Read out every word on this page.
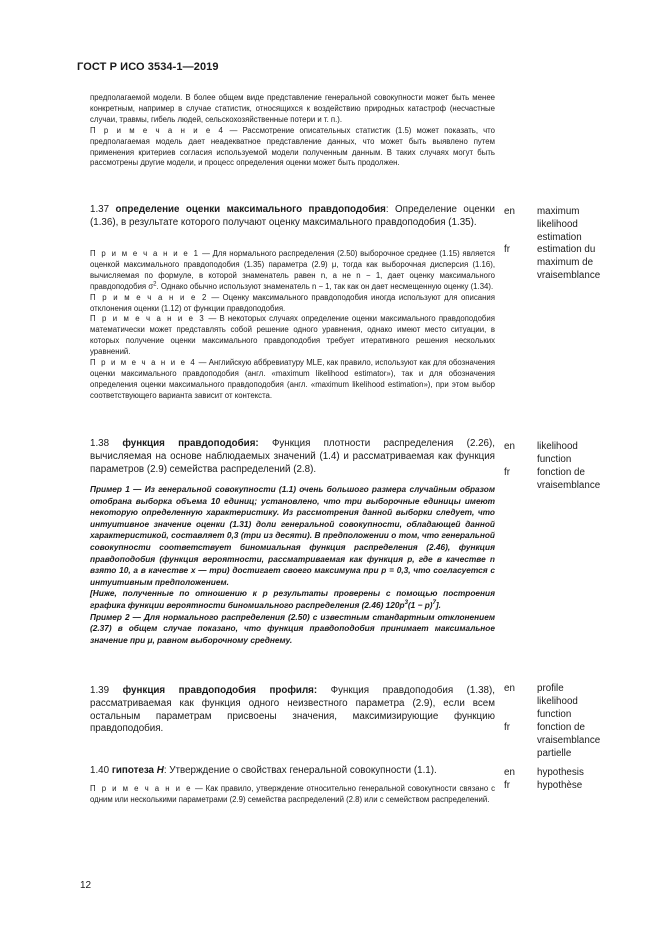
ГОСТ Р ИСО 3534-1—2019

предполагаемой модели. В более общем виде представление генеральной совокупности может быть менее конкретным, например в случае статистик, относящихся к воздействию природных катастроф (несчастные случаи, травмы, гибель людей, сельскохозяйственные потери и т. п.).

П р и м е ч а н и е 4 — Рассмотрение описательных статистик (1.5) может показать, что предполагаемая модель дает неадекватное представление данных, что может быть выявлено путем применения критериев согласия используемой модели полученным данным. В таких случаях могут быть рассмотрены другие модели, и процесс определения оценки может быть продолжен.

1.37 определение оценки максимального правдоподобия: Определение оценки (1.36), в результате которого получают оценку максимального правдоподобия (1.35).

П р и м е ч а н и е 1 — Для нормального распределения (2.50) выборочное среднее (1.15) является оценкой максимального правдоподобия (1.35) параметра (2.9) μ, тогда как выборочная дисперсия (1.16), вычисляемая по формуле, в которой знаменатель равен n, а не n − 1, дает оценку максимального правдоподобия $\sigma^2$. Однако обычно используют знаменатель n − 1, так как он дает несмещенную оценку (1.34).

П р и м е ч а н и е 2 — Оценку максимального правдоподобия иногда используют для описания отклонения оценки (1.12) от функции правдоподобия.

П р и м е ч а н и е 3 — В некоторых случаях определение оценки максимального правдоподобия математически может представлять собой решение одного уравнения, однако имеют место ситуации, в которых получение оценки максимального правдоподобия требует итеративного решения нескольких уравнений.

П р и м е ч а н и е 4 — Английскую аббревиатуру MLE, как правило, используют как для обозначения оценки максимального правдоподобия (англ. «maximum likelihood estimator»), так и для обозначения определения оценки максимального правдоподобия (англ. «maximum likelihood estimation»), при этом выбор соответствующего варианта зависит от контекста.

en maximum
likelihood
estimation
fr	estimation du
maximum de
vraisemblance

1.38 функция правдоподобия: Функция плотности распределения (2.26), вычисляемая на основе наблюдаемых значений (1.4) и рассматриваемая как функция параметров (2.9) семейства распределений (2.8).

Пример 1 — Из генеральной совокупности (1.1) очень большого размера случайным образом отобрана выборка объема 10 единиц; установлено, что три выборочные единицы имеют некоторую определенную характеристику. Из рассмотрения данной выборки следует, что интуитивное значение оценки (1.31) доли генеральной совокупности, обладающей данной характеристикой, составляет 0,3 (три из десяти). В предположении о том, что генеральной совокупности соответствует биномиальная функция распределения (2.46), функция правдоподобия (функция вероятности, рассматриваемая как функция p, где в качестве n взято 10, а в качестве x — три) достигает своего максимума при p = 0,3, что согласуется с интуитивным предположением.

[Ниже, полученные по отношению к p результаты проверены с помощью построения графика функции вероятности биномиального распределения (2.46) $120p^3(1 - p)^7$].

Пример 2 — Для нормального распределения (2.50) с известным стандартным отклонением (2.37) в общем случае показано, что функция правдоподобия принимает максимальное значение при μ, равном выборочному среднему.

en likelihood
function
fr	fonction de
vraisemblance

1.39 функция правдоподобия профиля: Функция правдоподобия (1.38), рассматриваемая как функция одного неизвестного параметра (2.9), если всем остальным параметрам присвоены значения, максимизирующие функцию правдоподобия.

en profile
likelihood
function
fr	fonction de
vraisemblance
partielle

1.40 гипотеза H: Утверждение о свойствах генеральной совокупности (1.1).

П р и м е ч а н и е — Как правило, утверждение относительно генеральной совокупности связано с одним или несколькими параметрами (2.9) семейства распределений (2.8) или с семейством распределений.

en hypothesis
fr	hypothèse
12
